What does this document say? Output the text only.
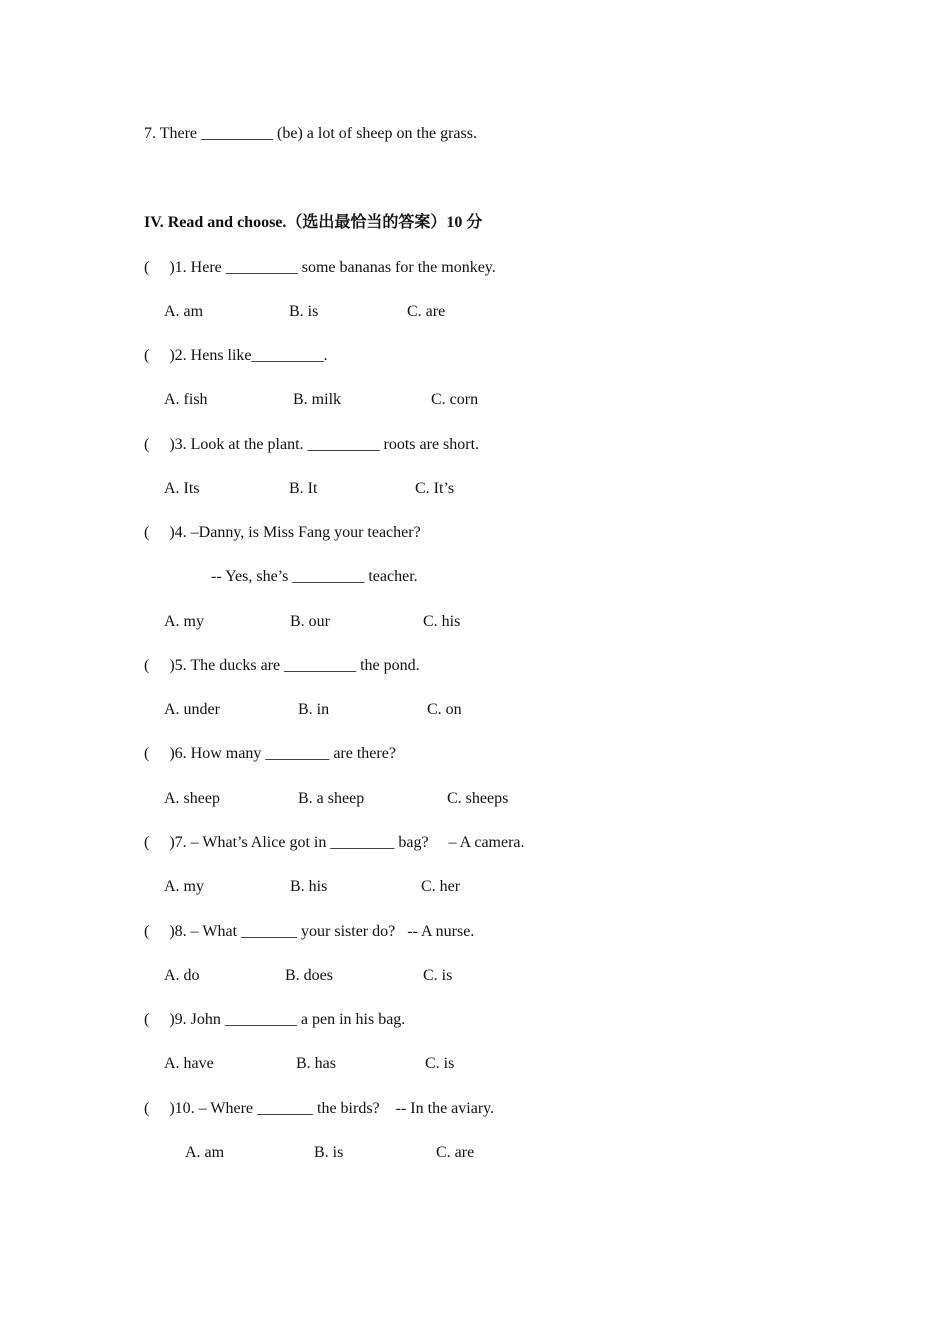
7. There _________ (be) a lot of sheep on the grass.
IV. Read and choose.（选出最恰当的答案）10 分
(     )1. Here _________ some bananas for the monkey.
A. am	B. is	C. are
(     )2. Hens like_________.
A. fish	B. milk	C. corn
(     )3. Look at the plant. _________ roots are short.
A. Its	B. It	C. It’s
(     )4. –Danny, is Miss Fang your teacher?
-- Yes, she’s _________ teacher.
A. my	B. our	C. his
(     )5. The ducks are _________ the pond.
A. under	B. in	C. on
(     )6. How many ________ are there?
A. sheep	B. a sheep	C. sheeps
(     )7. – What’s Alice got in ________ bag?     – A camera.
A. my	B. his	C. her
(     )8. – What _______ your sister do?   -- A nurse.
A. do	B. does	C. is
(     )9. John _________ a pen in his bag.
A. have	B. has	C. is
(     )10. – Where _______ the birds?    -- In the aviary.
A. am	B. is	C. are
